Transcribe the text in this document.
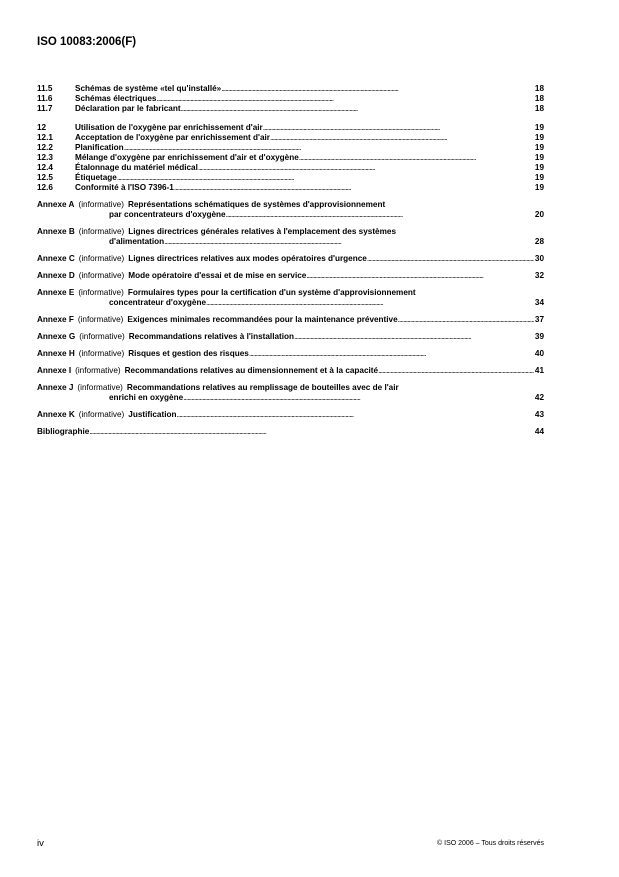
ISO 10083:2006(F)
11.5	Schémas de système «tel qu'installé» . . .	18
11.6	Schémas électriques . . .	18
11.7	Déclaration par le fabricant . . .	18
12	Utilisation de l'oxygène par enrichissement d'air . . .	19
12.1	Acceptation de l'oxygène par enrichissement d'air . . .	19
12.2	Planification . . .	19
12.3	Mélange d'oxygène par enrichissement d'air et d'oxygène . . .	19
12.4	Étalonnage du matériel médical . . .	19
12.5	Étiquetage . . .	19
12.6	Conformité à l'ISO 7396-1 . . .	19
Annexe A (informative) Représentations schématiques de systèmes d'approvisionnement
par concentrateurs d'oxygène . . .	20
Annexe B (informative) Lignes directrices générales relatives à l'emplacement des systèmes
d'alimentation . . .	28
Annexe C (informative) Lignes directrices relatives aux modes opératoires d'urgence . . .	30
Annexe D (informative) Mode opératoire d'essai et de mise en service . . .	32
Annexe E (informative) Formulaires types pour la certification d'un système d'approvisionnement
concentrateur d'oxygène . . .	34
Annexe F (informative) Exigences minimales recommandées pour la maintenance préventive . . .	37
Annexe G (informative) Recommandations relatives à l'installation . . .	39
Annexe H (informative) Risques et gestion des risques . . .	40
Annexe I (informative) Recommandations relatives au dimensionnement et à la capacité . . .	41
Annexe J (informative) Recommandations relatives au remplissage de bouteilles avec de l'air
enrichi en oxygène . . .	42
Annexe K (informative) Justification . . .	43
Bibliographie . . .	44
iv	© ISO 2006 – Tous droits réservés
